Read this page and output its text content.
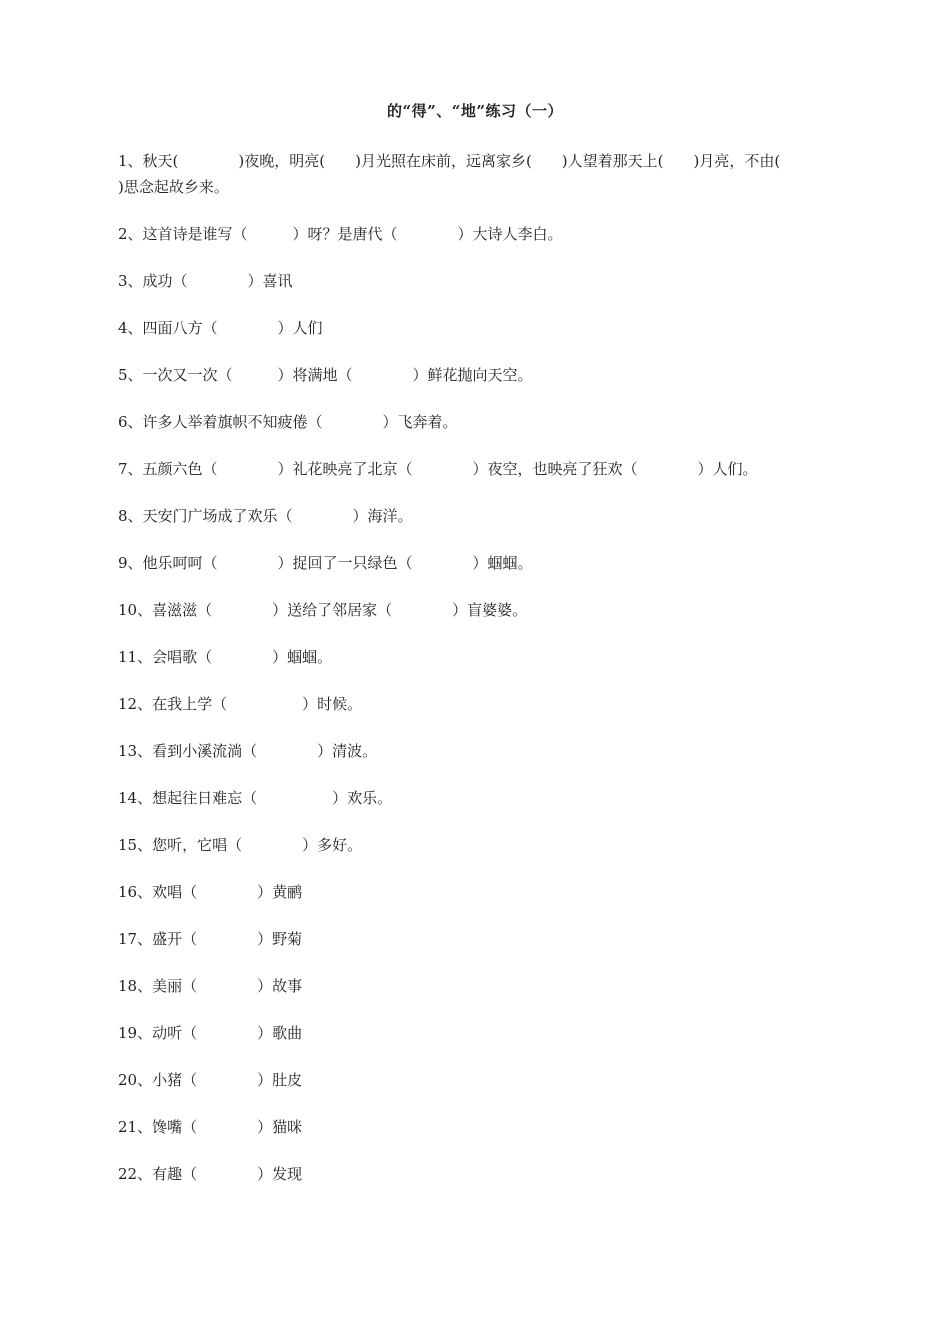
的“得”、“地”练习（一）
1、秋天(　　　　)夜晚，明亮(　　)月光照在床前，远离家乡(　　)人望着那天上(　　)月亮，不由(　　　　)思念起故乡来。
2、这首诗是谁写（　　　）呀？是唐代（　　　　）大诗人李白。
3、成功（　　　　）喜讯
4、四面八方（　　　　）人们
5、一次又一次（　　　）将满地（　　　　）鲜花抛向天空。
6、许多人举着旗帜不知疲倦（　　　　）飞奔着。
7、五颜六色（　　　　）礼花映亮了北京（　　　　）夜空，也映亮了狂欢（　　　　）人们。
8、天安门广场成了欢乐（　　　　）海洋。
9、他乐呵呵（　　　　）捉回了一只绿色（　　　　）蝈蝈。
10、喜滋滋（　　　　）送给了邻居家（　　　　）盲婆婆。
11、会唱歌（　　　　）蝈蝈。
12、在我上学（　　　　　）时候。
13、看到小溪流淌（　　　　）清波。
14、想起往日难忘（　　　　　）欢乐。
15、您听，它唱（　　　　）多好。
16、欢唱（　　　　）黄鹂
17、盛开（　　　　）野菊
18、美丽（　　　　）故事
19、动听（　　　　）歌曲
20、小猪（　　　　）肚皮
21、馋嘴（　　　　）猫咪
22、有趣（　　　　）发现
